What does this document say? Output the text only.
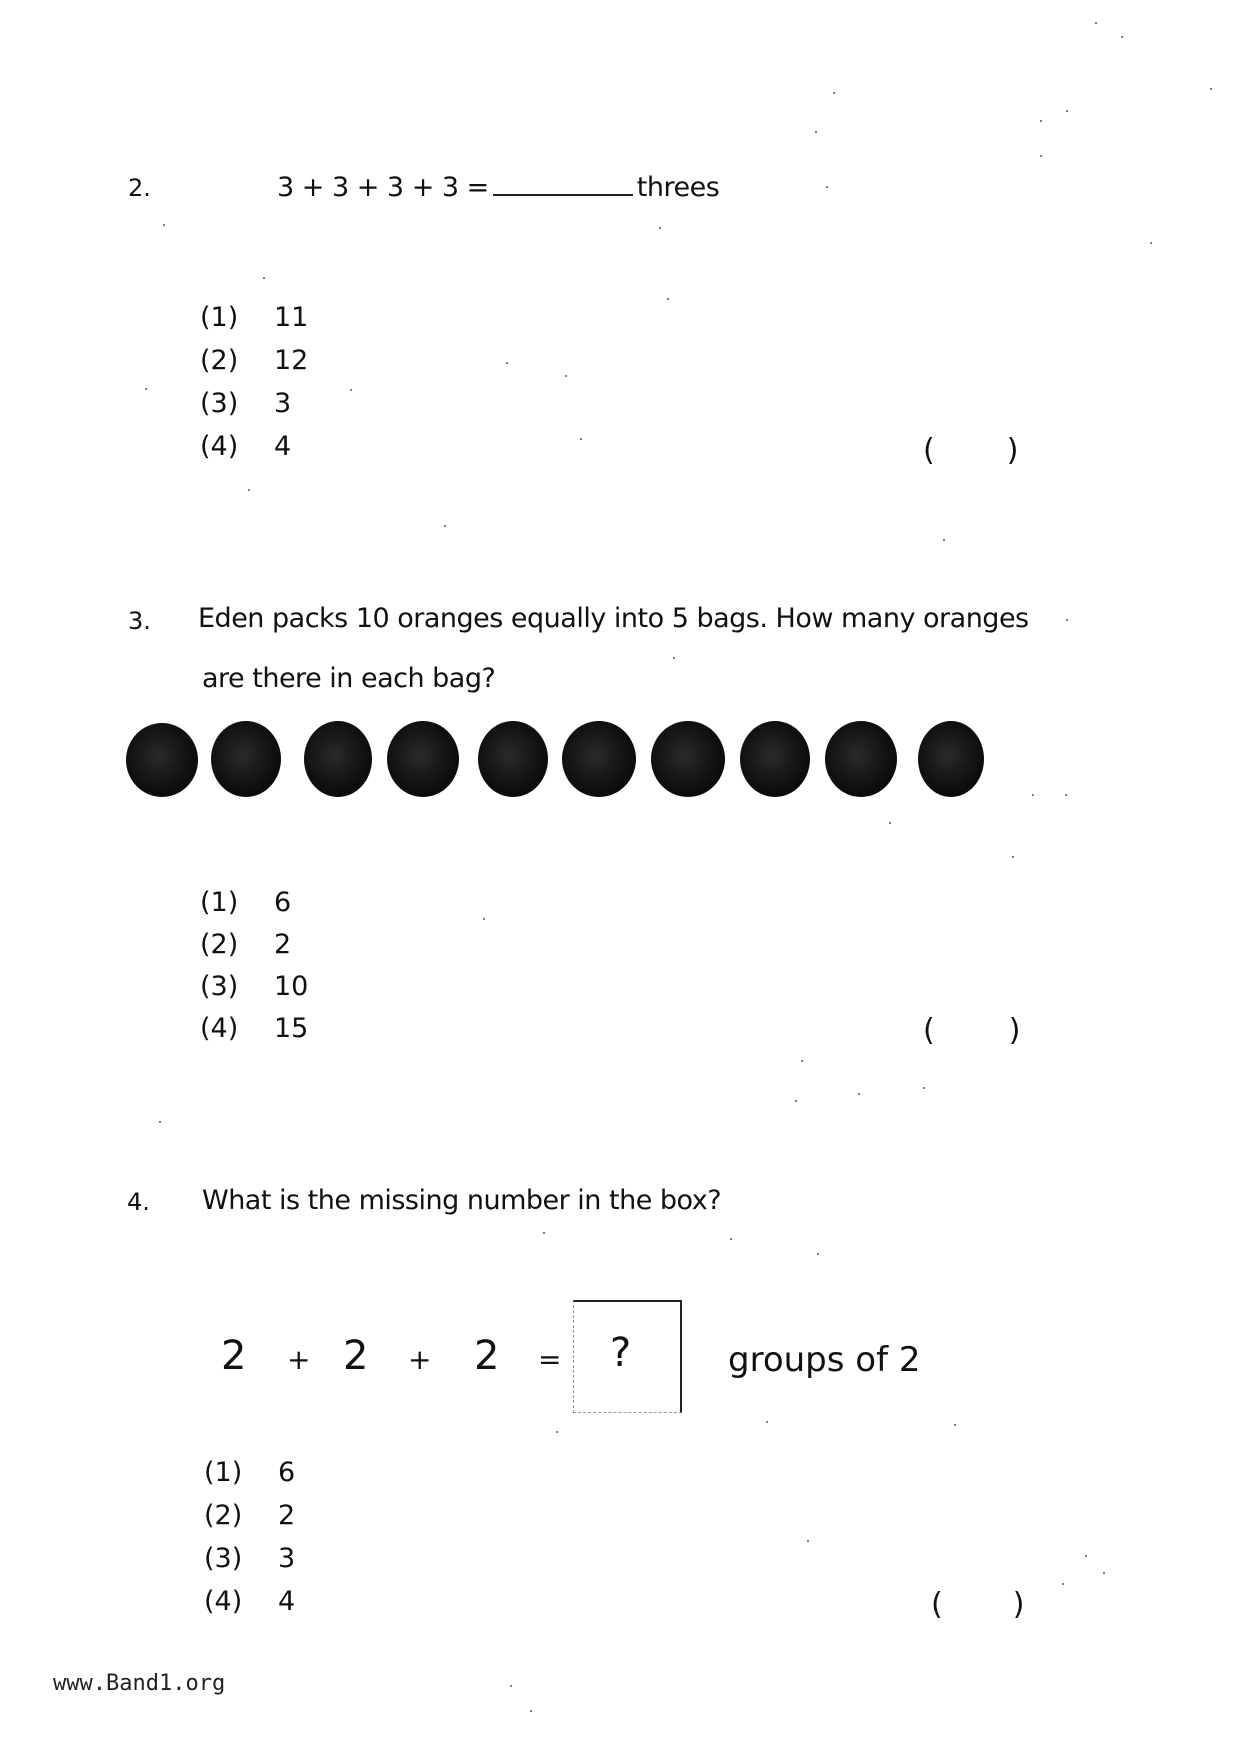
2.	3 + 3 + 3 + 3 =	threes
(1) 11
(2) 12
(3) 3
(4) 4	( )
3. Eden packs 10 oranges equally into 5 bags. How many oranges
are there in each bag?
(1) 6
(2) 2
(3) 10
(4) 15	( )
4. What is the missing number in the box?
2 + 2 + 2 = ?	groups of 2
(1) 6
(2) 2
(3) 3
(4) 4	( )
www.Band1.org
